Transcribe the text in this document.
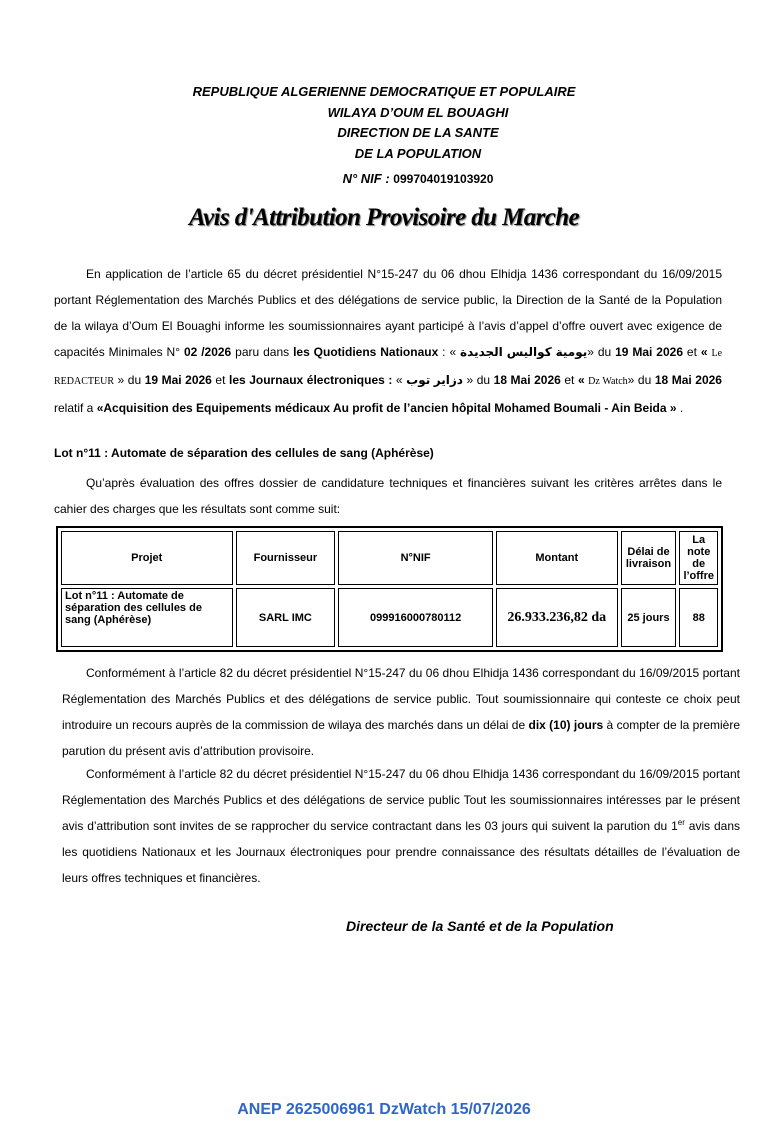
REPUBLIQUE ALGERIENNE DEMOCRATIQUE ET POPULAIRE
WILAYA D’OUM EL BOUAGHI
DIRECTION DE LA SANTE
DE LA POPULATION
N° NIF : 099704019103920
Avis d'Attribution Provisoire du Marche
En application de l’article 65 du décret présidentiel N°15-247 du 06 dhou Elhidja 1436 correspondant du 16/09/2015 portant Réglementation des Marchés Publics et des délégations de service public, la Direction de la Santé de la Population de la wilaya d’Oum El Bouaghi informe les soumissionnaires ayant participé à l’avis d’appel d’offre ouvert avec exigence de capacités Minimales N° 02 /2026 paru dans les Quotidiens Nationaux : « يومية كواليس الجديدة» du 19 Mai 2026 et « Le REDACTEUR » du 19 Mai 2026 et les Journaux électroniques : « دزاير توب » du 18 Mai 2026 et « Dz Watch» du 18 Mai 2026 relatif a «Acquisition des Equipements médicaux Au profit de l’ancien hôpital Mohamed Boumali - Ain Beida » .
Lot n°11 : Automate de séparation des cellules de sang (Aphérèse)
Qu’après évaluation des offres dossier de candidature techniques et financières suivant les critères arrêtes dans le cahier des charges que les résultats sont comme suit:
Projet	Fournisseur	N°NIF	Montant	Délai de livraison	La note de l’offre
Lot n°11 : Automate de séparation des cellules de sang (Aphérèse)	SARL IMC	099916000780112	26.933.236,82 da	25 jours	88
Conformément à l’article 82 du décret présidentiel N°15-247 du 06 dhou Elhidja 1436 correspondant du 16/09/2015 portant Réglementation des Marchés Publics et des délégations de service public. Tout soumissionnaire qui conteste ce choix peut introduire un recours auprès de la commission de wilaya des marchés dans un délai de dix (10) jours à compter de la première parution du présent avis d’attribution provisoire.
Conformément à l’article 82 du décret présidentiel N°15-247 du 06 dhou Elhidja 1436 correspondant du 16/09/2015 portant Réglementation des Marchés Publics et des délégations de service public Tout les soumissionnaires intéresses par le présent avis d’attribution sont invites de se rapprocher du service contractant dans les 03 jours qui suivent la parution du 1er avis dans les quotidiens Nationaux et les Journaux électroniques pour prendre connaissance des résultats détailles de l’évaluation de leurs offres techniques et financières.
Directeur de la Santé et de la Population
ANEP 2625006961 DzWatch 15/07/2026
